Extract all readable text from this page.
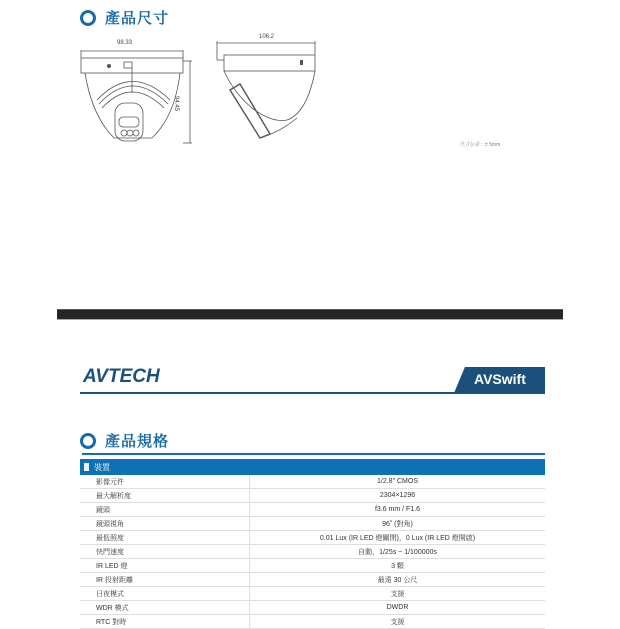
產品尺寸
98.33
94.45
106.2
尺寸公差：± 5mm
AVTECH	AVSwift
產品規格
裝置	
影像元件	1/2.8" CMOS
最大解析度	2304×1296
鏡頭	f3.6 mm / F1.6
鏡頭視角	96˚ (對角)
最低照度	0.01 Lux (IR LED 燈關閉)，0 Lux (IR LED 燈開啟)
快門速度	自動，1/25s ~ 1/100000s
IR LED 燈	3 顆
IR 投射距離	最遠 30 公尺
日夜模式	支援
WDR 模式	DWDR
RTC 對時	支援
